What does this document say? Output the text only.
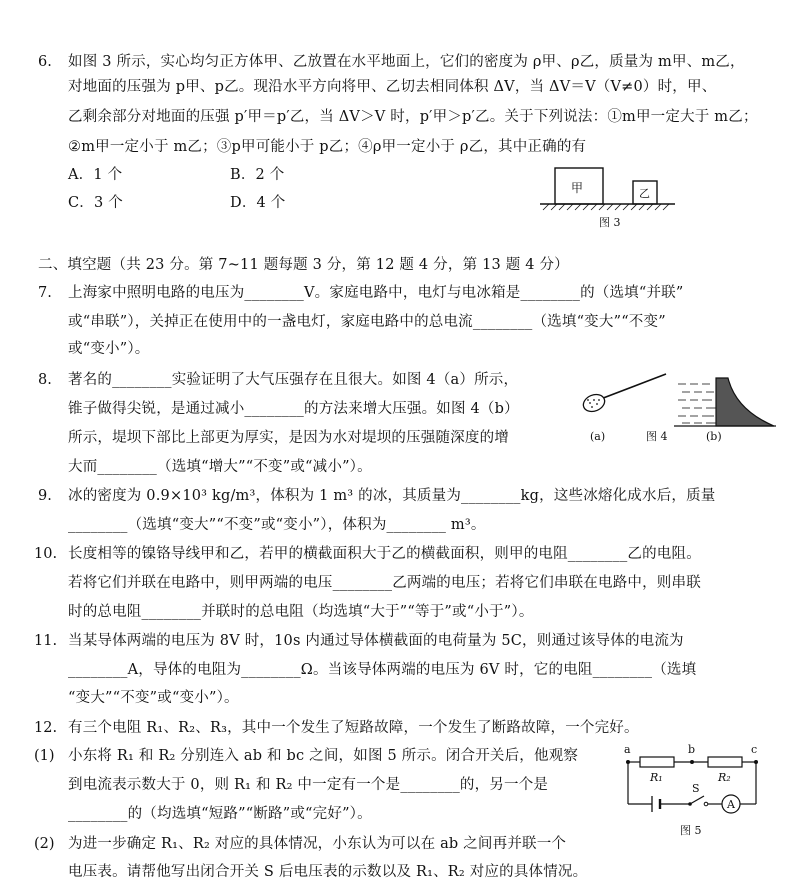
6. 如图 3 所示，实心均匀正方体甲、乙放置在水平地面上，它们的密度为 ρ甲、ρ乙，质量为 m甲、m乙，
对地面的压强为 p甲、p乙。现沿水平方向将甲、乙切去相同体积 ΔV，当 ΔV＝V（V≠0）时，甲、
乙剩余部分对地面的压强 p′甲＝p′乙，当 ΔV＞V 时，p′甲＞p′乙。关于下列说法：①m甲一定大于 m乙；
②m甲一定小于 m乙；③p甲可能小于 p乙；④ρ甲一定小于 ρ乙，其中正确的有
A．1 个	B．2 个
C．3 个	D．4 个
甲	乙
图 3
二、填空题（共 23 分。第 7~11 题每题 3 分，第 12 题 4 分，第 13 题 4 分）
7. 上海家中照明电路的电压为________V。家庭电路中，电灯与电冰箱是________的（选填“并联”
或“串联”），关掉正在使用中的一盏电灯，家庭电路中的总电流________（选填“变大”“不变”
或“变小”）。
8. 著名的________实验证明了大气压强存在且很大。如图 4（a）所示，
锥子做得尖锐，是通过减小________的方法来增大压强。如图 4（b）
所示，堤坝下部比上部更为厚实，是因为水对堤坝的压强随深度的增
大而________（选填“增大”“不变”或“减小”）。
(a)	图 4	(b)
9. 冰的密度为 0.9×10³ kg/m³，体积为 1 m³ 的冰，其质量为________kg，这些冰熔化成水后，质量
________（选填“变大”“不变”或“变小”），体积为________ m³。
10. 长度相等的镍铬导线甲和乙，若甲的横截面积大于乙的横截面积，则甲的电阻________乙的电阻。
若将它们并联在电路中，则甲两端的电压________乙两端的电压；若将它们串联在电路中，则串联
时的总电阻________并联时的总电阻（均选填“大于”“等于”或“小于”）。
11. 当某导体两端的电压为 8V 时，10s 内通过导体横截面的电荷量为 5C，则通过该导体的电流为
________A，导体的电阻为________Ω。当该导体两端的电压为 6V 时，它的电阻________（选填
“变大”“不变”或“变小”）。
12. 有三个电阻 R₁、R₂、R₃，其中一个发生了短路故障，一个发生了断路故障，一个完好。
(1) 小东将 R₁ 和 R₂ 分别连入 ab 和 bc 之间，如图 5 所示。闭合开关后，他观察
到电流表示数大于 0，则 R₁ 和 R₂ 中一定有一个是________的，另一个是
________的（均选填“短路”“断路”或“完好”）。
(2) 为进一步确定 R₁、R₂ 对应的具体情况，小东认为可以在 ab 之间再并联一个
电压表。请帮他写出闭合开关 S 后电压表的示数以及 R₁、R₂ 对应的具体情况。
a	b	c
R₁	R₂
S
A
图 5
